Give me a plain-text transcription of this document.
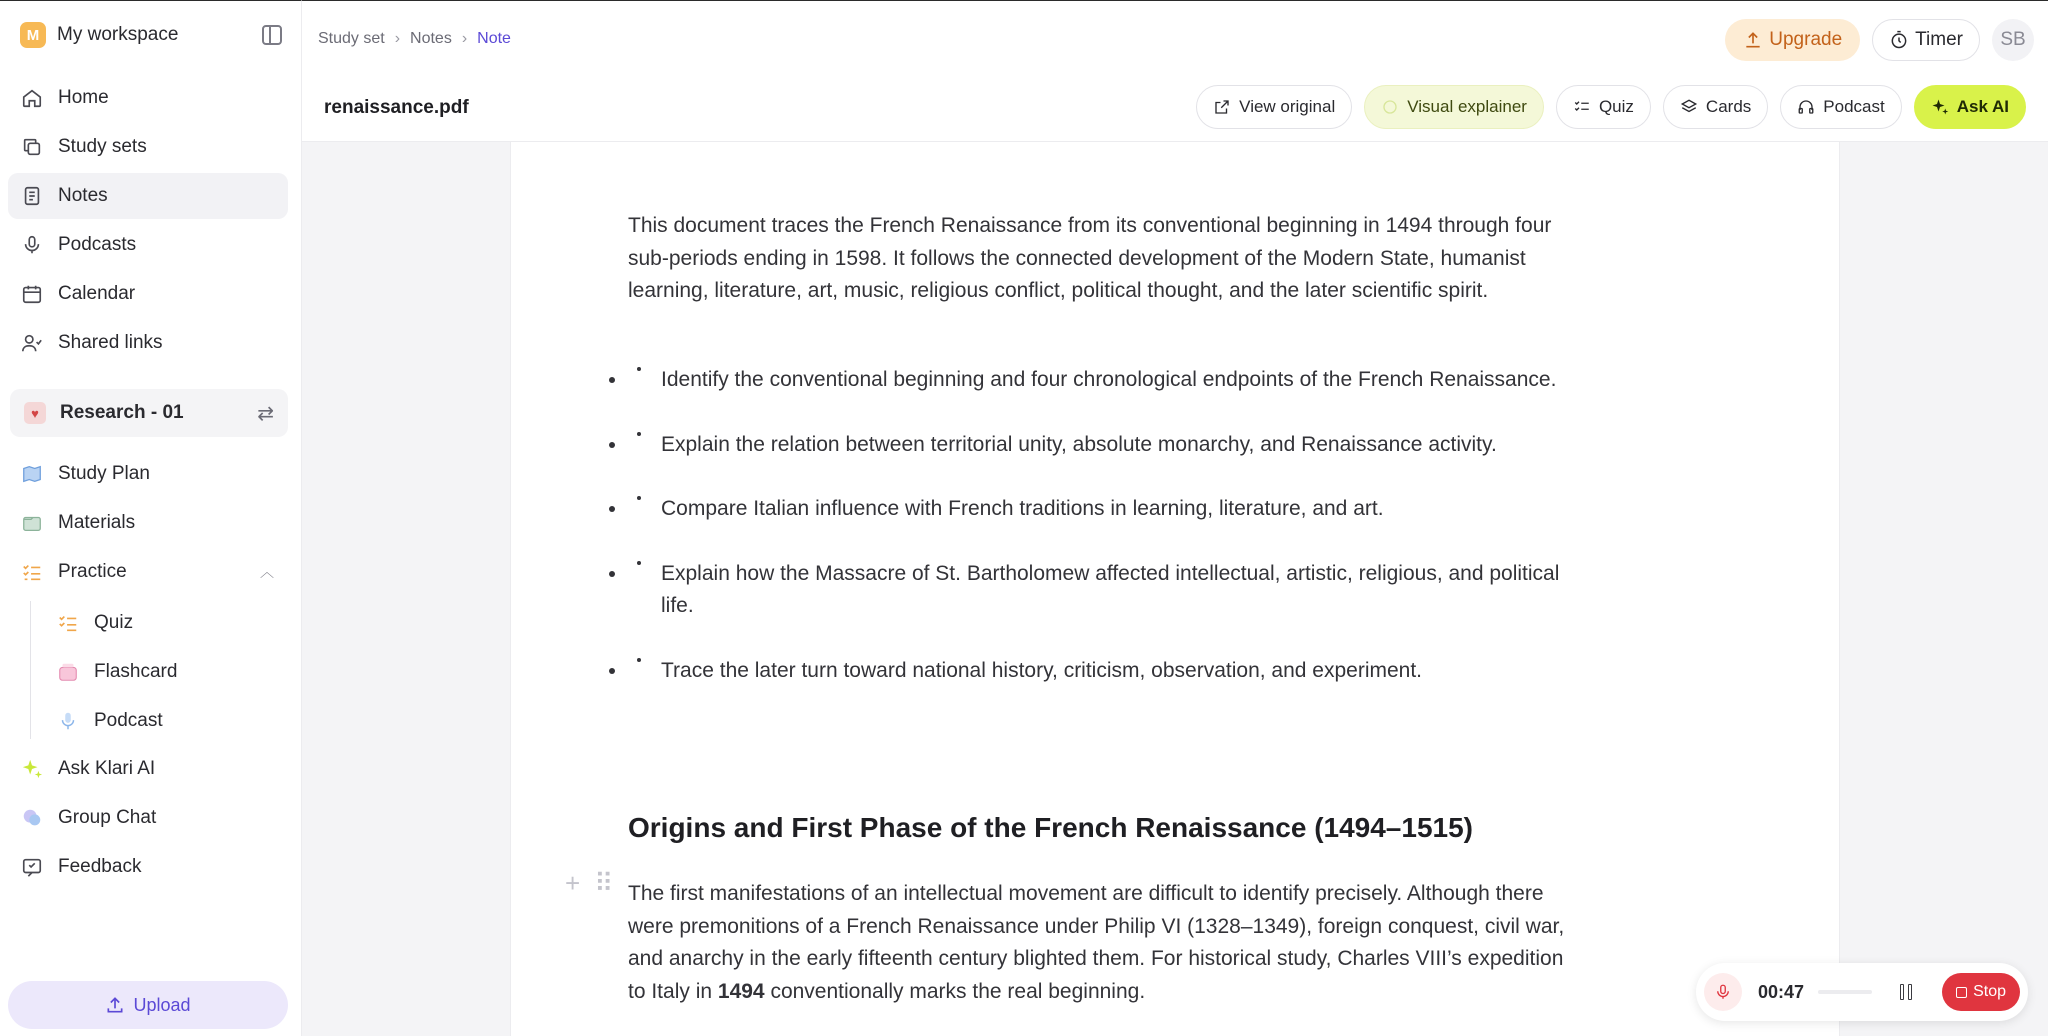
M My workspace
Home
Study sets
Notes
Podcasts
Calendar
Shared links
♥	Research - 01	⇄
Study Plan
Materials
Practice	︿
Quiz
Flashcard
Podcast
Ask Klari AI
Group Chat
Feedback
Upload
Study set › Notes › Note	Upgrade	Timer	SB
renaissance.pdf	View original	Visual explainer	Quiz	Cards	Podcast	Ask AI

This document traces the French Renaissance from its conventional beginning in 1494 through four sub-periods ending in 1598. It follows the connected development of the Modern State, humanist learning, literature, art, music, religious conflict, political thought, and the later scientific spirit.

• Identify the conventional beginning and four chronological endpoints of the French Renaissance.
• Explain the relation between territorial unity, absolute monarchy, and Renaissance activity.
• Compare Italian influence with French traditions in learning, literature, and art.
• Explain how the Massacre of St. Bartholomew affected intellectual, artistic, religious, and political life.
• Trace the later turn toward national history, criticism, observation, and experiment.
Origins and First Phase of the French Renaissance (1494–1515)
+ ⠿ The first manifestations of an intellectual movement are difficult to identify precisely. Although there were premonitions of a French Renaissance under Philip VI (1328–1349), foreign conquest, civil war, and anarchy in the early fifteenth century blighted them. For historical study, Charles VIII’s expedition to Italy in 1494 conventionally marks the real beginning.	00:47	Stop
